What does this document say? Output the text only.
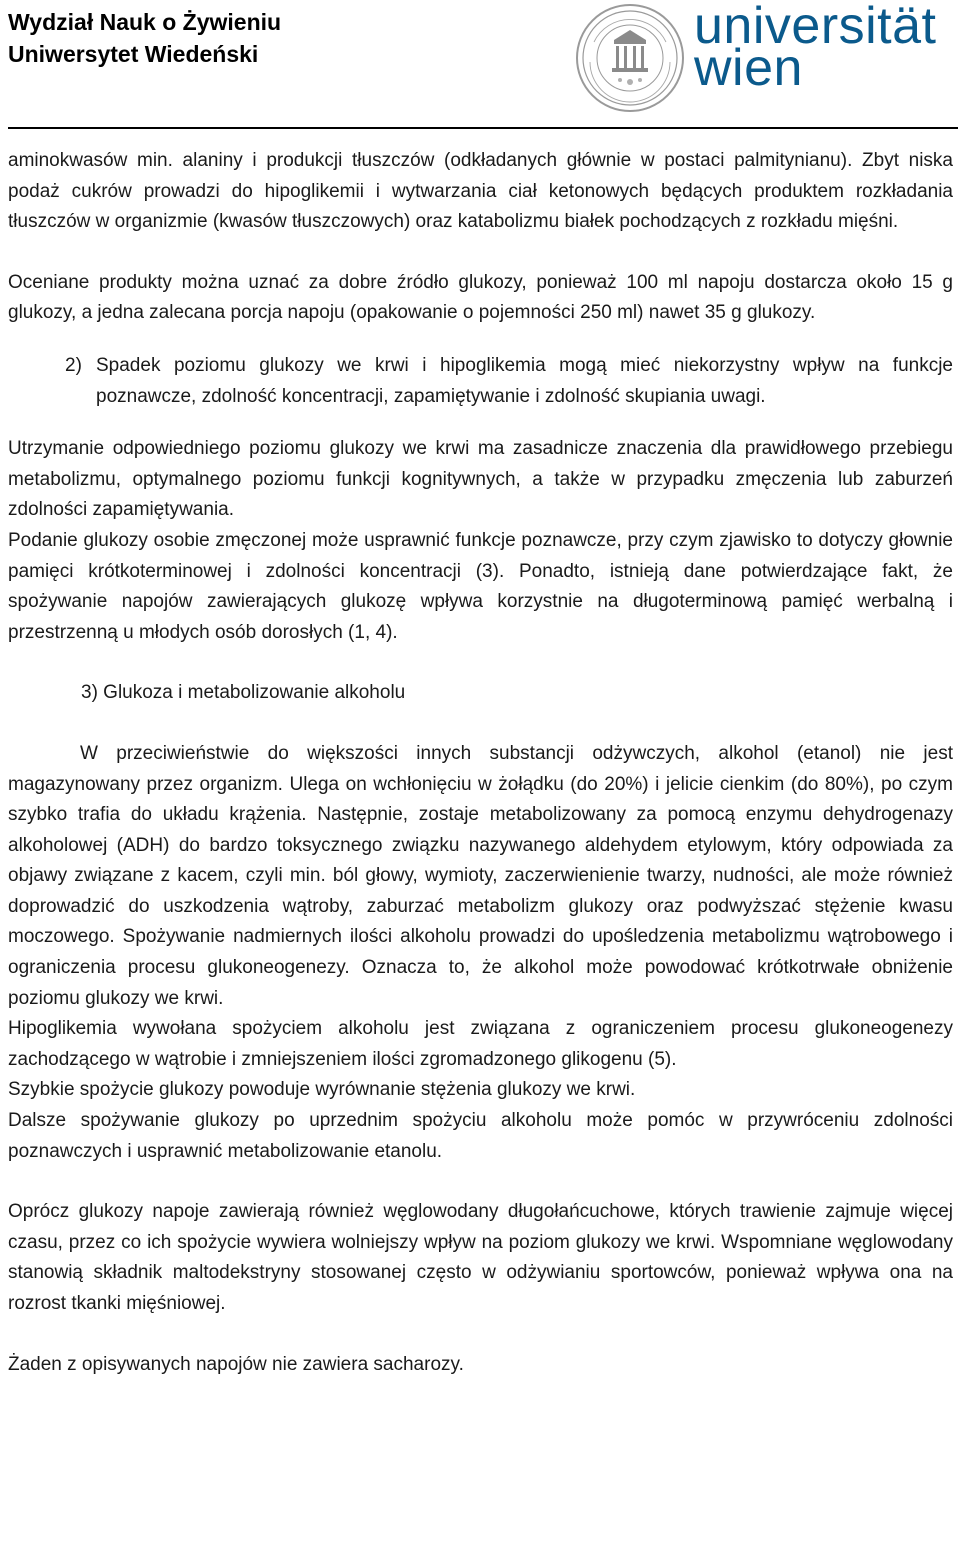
Wydział Nauk o Żywieniu
Uniwersytet Wiedeński	universität
wien

aminokwasów min. alaniny i produkcji tłuszczów (odkładanych głównie w postaci palmitynianu). Zbyt niska podaż cukrów prowadzi do hipoglikemii i wytwarzania ciał ketonowych będących produktem rozkładania tłuszczów w organizmie (kwasów tłuszczowych) oraz katabolizmu białek pochodzących z rozkładu mięśni.

Oceniane produkty można uznać za dobre źródło glukozy, ponieważ 100 ml napoju dostarcza około 15 g glukozy, a jedna zalecana porcja napoju (opakowanie o pojemności 250 ml) nawet 35 g glukozy.

2) Spadek poziomu glukozy we krwi i hipoglikemia mogą mieć niekorzystny wpływ na funkcje poznawcze, zdolność koncentracji, zapamiętywanie i zdolność skupiania uwagi.

Utrzymanie odpowiedniego poziomu glukozy we krwi ma zasadnicze znaczenia dla prawidłowego przebiegu metabolizmu, optymalnego poziomu funkcji kognitywnych, a także w przypadku zmęczenia lub zaburzeń zdolności zapamiętywania.

Podanie glukozy osobie zmęczonej może usprawnić funkcje poznawcze, przy czym zjawisko to dotyczy głownie pamięci krótkoterminowej i zdolności koncentracji (3). Ponadto, istnieją dane potwierdzające fakt, że spożywanie napojów zawierających glukozę wpływa korzystnie na długoterminową pamięć werbalną i przestrzenną u młodych osób dorosłych (1, 4).

3) Glukoza i metabolizowanie alkoholu

W przeciwieństwie do większości innych substancji odżywczych, alkohol (etanol) nie jest magazynowany przez organizm. Ulega on wchłonięciu w żołądku (do 20%) i jelicie cienkim (do 80%), po czym szybko trafia do układu krążenia. Następnie, zostaje metabolizowany za pomocą enzymu dehydrogenazy alkoholowej (ADH) do bardzo toksycznego związku nazywanego aldehydem etylowym, który odpowiada za objawy związane z kacem, czyli min. ból głowy, wymioty, zaczerwienienie twarzy, nudności, ale może również doprowadzić do uszkodzenia wątroby, zaburzać metabolizm glukozy oraz podwyższać stężenie kwasu moczowego. Spożywanie nadmiernych ilości alkoholu prowadzi do upośledzenia metabolizmu wątrobowego i ograniczenia procesu glukoneogenezy. Oznacza to, że alkohol może powodować krótkotrwałe obniżenie poziomu glukozy we krwi.

Hipoglikemia wywołana spożyciem alkoholu jest związana z ograniczeniem procesu glukoneogenezy zachodzącego w wątrobie i zmniejszeniem ilości zgromadzonego glikogenu (5).

Szybkie spożycie glukozy powoduje wyrównanie stężenia glukozy we krwi.

Dalsze spożywanie glukozy po uprzednim spożyciu alkoholu może pomóc w przywróceniu zdolności poznawczych i usprawnić metabolizowanie etanolu.

Oprócz glukozy napoje zawierają również węglowodany długołańcuchowe, których trawienie zajmuje więcej czasu, przez co ich spożycie wywiera wolniejszy wpływ na poziom glukozy we krwi. Wspomniane węglowodany stanowią składnik maltodekstryny stosowanej często w odżywianiu sportowców, ponieważ wpływa ona na rozrost tkanki mięśniowej.

Żaden z opisywanych napojów nie zawiera sacharozy.
